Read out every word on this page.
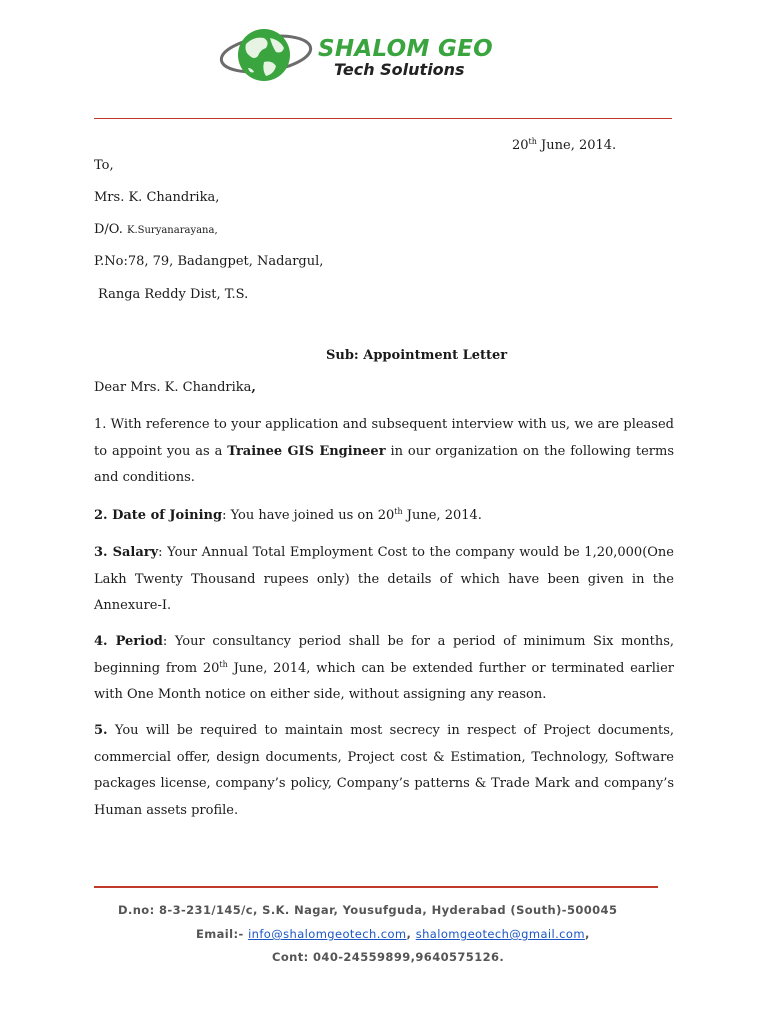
SHALOM GEO
Tech Solutions
20th June, 2014.
To,
Mrs. K. Chandrika,
D/O. K.Suryanarayana,
P.No:78, 79, Badangpet, Nadargul,
Ranga Reddy Dist, T.S.
Sub: Appointment Letter
Dear Mrs. K. Chandrika,

1. With reference to your application and subsequent interview with us, we are pleased to appoint you as a Trainee GIS Engineer in our organization on the following terms and conditions.

2. Date of Joining: You have joined us on 20th June, 2014.

3. Salary: Your Annual Total Employment Cost to the company would be 1,20,000(One Lakh Twenty Thousand rupees only) the details of which have been given in the Annexure-I.

4. Period: Your consultancy period shall be for a period of minimum Six months, beginning from 20th June, 2014, which can be extended further or terminated earlier with One Month notice on either side, without assigning any reason.

5. You will be required to maintain most secrecy in respect of Project documents, commercial offer, design documents, Project cost & Estimation, Technology, Software packages license, company’s policy, Company’s patterns & Trade Mark and company’s Human assets profile.

D.no: 8-3-231/145/c, S.K. Nagar, Yousufguda, Hyderabad (South)-500045
Email:- info@shalomgeotech.com, shalomgeotech@gmail.com,
Cont: 040-24559899,9640575126.
